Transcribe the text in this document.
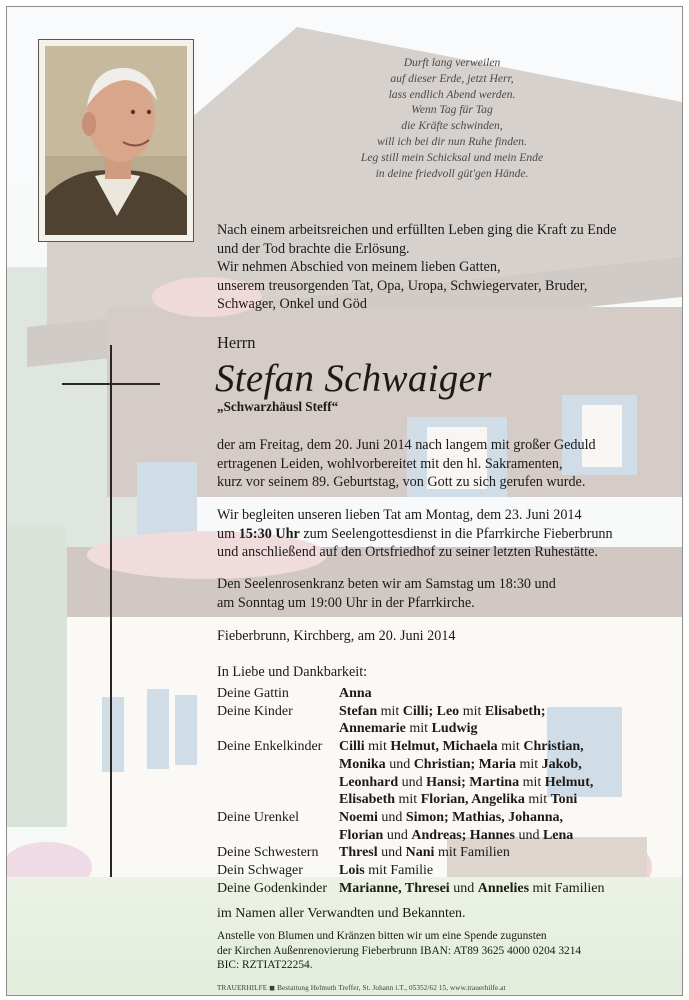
Durft lang verweilen
auf dieser Erde, jetzt Herr,
lass endlich Abend werden.
Wenn Tag für Tag
die Kräfte schwinden,
will ich bei dir nun Ruhe finden.
Leg still mein Schicksal und mein Ende
in deine friedvoll güt'gen Hände.
Nach einem arbeitsreichen und erfüllten Leben ging die Kraft zu Ende
und der Tod brachte die Erlösung.
Wir nehmen Abschied von meinem lieben Gatten,
unserem treusorgenden Tat, Opa, Uropa, Schwiegervater, Bruder,
Schwager, Onkel und Göd
Herrn
Stefan Schwaiger
„Schwarzhäusl Steff“
der am Freitag, dem 20. Juni 2014 nach langem mit großer Geduld
ertragenen Leiden, wohlvorbereitet mit den hl. Sakramenten,
kurz vor seinem 89. Geburtstag, von Gott zu sich gerufen wurde.
Wir begleiten unseren lieben Tat am Montag, dem 23. Juni 2014
um 15:30 Uhr zum Seelengottesdienst in die Pfarrkirche Fieberbrunn
und anschließend auf den Ortsfriedhof zu seiner letzten Ruhestätte.
Den Seelenrosenkranz beten wir am Samstag um 18:30 und
am Sonntag um 19:00 Uhr in der Pfarrkirche.
Fieberbrunn, Kirchberg, am 20. Juni 2014
In Liebe und Dankbarkeit:
Deine Gattin	Anna
Deine Kinder	Stefan mit Cilli; Leo mit Elisabeth;
Annemarie mit Ludwig
Deine Enkelkinder	Cilli mit Helmut, Michaela mit Christian,
Monika und Christian; Maria mit Jakob,
Leonhard und Hansi; Martina mit Helmut,
Elisabeth mit Florian, Angelika mit Toni
Deine Urenkel	Noemi und Simon; Mathias, Johanna,
Florian und Andreas; Hannes und Lena
Deine Schwestern	Thresl und Nani mit Familien
Dein Schwager	Lois mit Familie
Deine Godenkinder Marianne, Thresei und Annelies mit Familien
im Namen aller Verwandten und Bekannten.
Anstelle von Blumen und Kränzen bitten wir um eine Spende zugunsten
der Kirchen Außenrenovierung Fieberbrunn IBAN: AT89 3625 4000 0204 3214
BIC: RZTIAT22254.
TRAUERHILFE ◼ Bestattung Helmuth Treffer, St. Johann i.T., 05352/62 15, www.trauerhilfe.at
